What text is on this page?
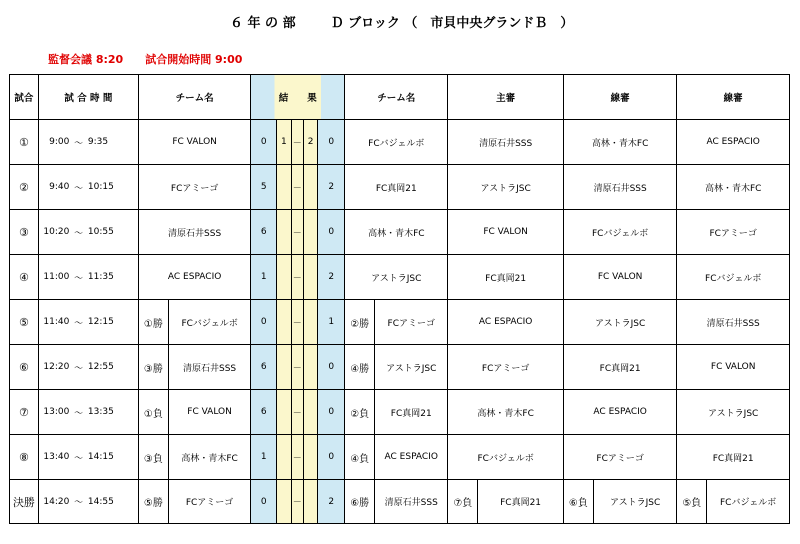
６ 年 の 部 　　 Ｄ ブロック （　市貝中央グランドＢ　）
監督会議 8:20　　試合開始時間 9:00
試合	試 合 時 間				チーム名		結　　果					チーム名		主審		線審		線審	
①	9:00	～	9:35		FC VALON		0	1	－	2	0	FCバジェルボ		清原石井SSS		高林・青木FC		AC ESPACIO	
②	9:40	～	10:15		FCアミーゴ		5		－		2	FC真岡21		アストラJSC		清原石井SSS		高林・青木FC	
③	10:20	～	10:55		清原石井SSS		6		－		0	高林・青木FC		FC VALON		FCバジェルボ		FCアミーゴ	
④	11:00	～	11:35		AC ESPACIO		1		－		2	アストラJSC		FC真岡21		FC VALON		FCバジェルボ	
⑤	11:40	～	12:15		①勝	FCバジェルボ	0		－		1	②勝	FCアミーゴ	AC ESPACIO		アストラJSC		清原石井SSS	
⑥	12:20	～	12:55		③勝	清原石井SSS	6		－		0	④勝	アストラJSC	FCアミーゴ		FC真岡21		FC VALON	
⑦	13:00	～	13:35		①負	FC VALON	6		－		0	②負	FC真岡21	高林・青木FC		AC ESPACIO		アストラJSC	
⑧	13:40	～	14:15		③負	高林・青木FC	1		－		0	④負	AC ESPACIO	FCバジェルボ		FCアミーゴ		FC真岡21	
決勝	14:20	～	14:55		⑤勝	FCアミーゴ	0		－		2	⑥勝	清原石井SSS	⑦負	FC真岡21	⑥負	アストラJSC	⑤負	FCバジェルボ
